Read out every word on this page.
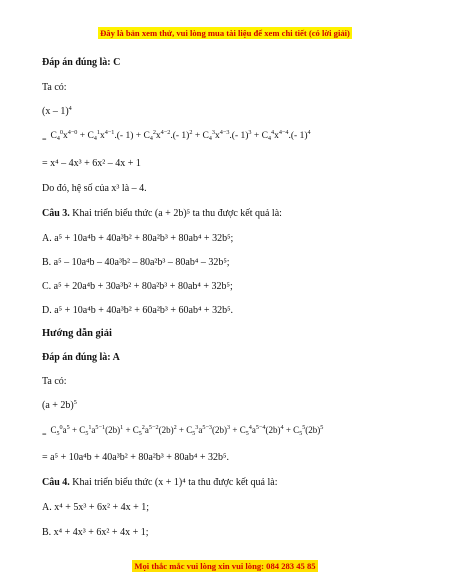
Đây là bản xem thử, vui lòng mua tài liệu để xem chi tiết (có lời giải)
Đáp án đúng là: C
Ta có:
(x – 1)$^4$
$_=$ $C_4^0x^{4-0} + C_4^1x^{4-1}.(-$ $1) + C_4^2x^{4-2}.(-$ $1)^2 + C_4^3x^{4-3}.(-$ $1)^3 + C_4^4x^{4-4}.(-$ 1)$^4$
= x⁴ – 4x³ + 6x² – 4x + 1
Do đó, hệ số của x³ là – 4.
Câu 3. Khai triển biểu thức (a + 2b)⁵ ta thu được kết quả là:
A. a⁵ + 10a⁴b + 40a³b² + 80a²b³ + 80ab⁴ + 32b⁵;
B. a⁵ – 10a⁴b – 40a³b² – 80a²b³ – 80ab⁴ – 32b⁵;
C. a⁵ + 20a⁴b + 30a³b² + 80a²b³ + 80ab⁴ + 32b⁵;
D. a⁵ + 10a⁴b + 40a³b² + 60a²b³ + 60ab⁴ + 32b⁵.
Hướng dẫn giải
Đáp án đúng là: A
Ta có:
$(a + 2b)^5$
= $C_5^0a^5 + C_5^1a^{5-1}(2b)^1 + C_5^2a^{5-2}(2b)^2 + C_5^3a^{5-3}(2b)^3 + C_5^4a^{5-4}(2b)^4 + C_5^5(2b)^5$
= a⁵ + 10a⁴b + 40a³b² + 80a²b³ + 80ab⁴ + 32b⁵.
Câu 4. Khai triển biểu thức (x + 1)⁴ ta thu được kết quả là:
A. x⁴ + 5x³ + 6x² + 4x + 1;
B. x⁴ + 4x³ + 6x² + 4x + 1;
Mọi thắc mắc vui lòng xin vui lòng: 084 283 45 85
